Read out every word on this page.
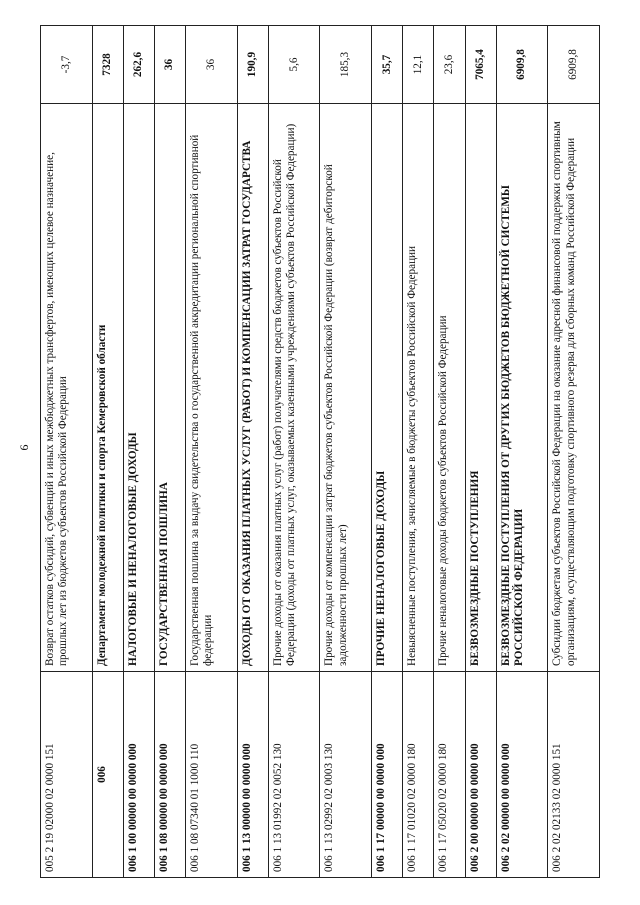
9
005 2 19 02000 02 0000 151	Возврат остатков субсидий, субвенций и иных межбюджетных трансфертов, имеющих целевое назначение, прошлых лет из бюджетов субъектов Российской Федерации	-3,7
006	Департамент молодежной политики и спорта Кемеровской области	7328
006 1 00 00000 00 0000 000	НАЛОГОВЫЕ И НЕНАЛОГОВЫЕ ДОХОДЫ	262,6
006 1 08 00000 00 0000 000	ГОСУДАРСТВЕННАЯ ПОШЛИНА	36
006 1 08 07340 01 1000 110	Государственная пошлина за выдачу свидетельства о государственной аккредитации региональной спортивной федерации	36
006 1 13 00000 00 0000 000	ДОХОДЫ ОТ ОКАЗАНИЯ ПЛАТНЫХ УСЛУГ (РАБОТ) И КОМПЕНСАЦИИ ЗАТРАТ ГОСУДАРСТВА	190,9
006 1 13 01992 02 0052 130	Прочие доходы от оказания платных услуг (работ) получателями средств бюджетов субъектов Российской Федерации (доходы от платных услуг, оказываемых казенными учреждениями субъектов Российской Федерации)	5,6
006 1 13 02992 02 0003 130	Прочие доходы от компенсации затрат бюджетов субъектов Российской Федерации (возврат дебиторской задолженности прошлых лет)	185,3
006 1 17 00000 00 0000 000	ПРОЧИЕ НЕНАЛОГОВЫЕ ДОХОДЫ	35,7
006 1 17 01020 02 0000 180	Невыясненные поступления, зачисляемые в бюджеты субъектов Российской Федерации	12,1
006 1 17 05020 02 0000 180	Прочие неналоговые доходы бюджетов субъектов Российской Федерации	23,6
006 2 00 00000 00 0000 000	БЕЗВОЗМЕЗДНЫЕ ПОСТУПЛЕНИЯ	7065,4
006 2 02 00000 00 0000 000	БЕЗВОЗМЕЗДНЫЕ ПОСТУПЛЕНИЯ ОТ ДРУГИХ БЮДЖЕТОВ БЮДЖЕТНОЙ СИСТЕМЫ РОССИЙСКОЙ ФЕДЕРАЦИИ	6909,8
006 2 02 02133 02 0000 151	Субсидии бюджетам субъектов Российской Федерации на оказание адресной финансовой поддержки спортивным организациям, осуществляющим подготовку спортивного резерва для сборных команд Российской Федерации	6909,8
